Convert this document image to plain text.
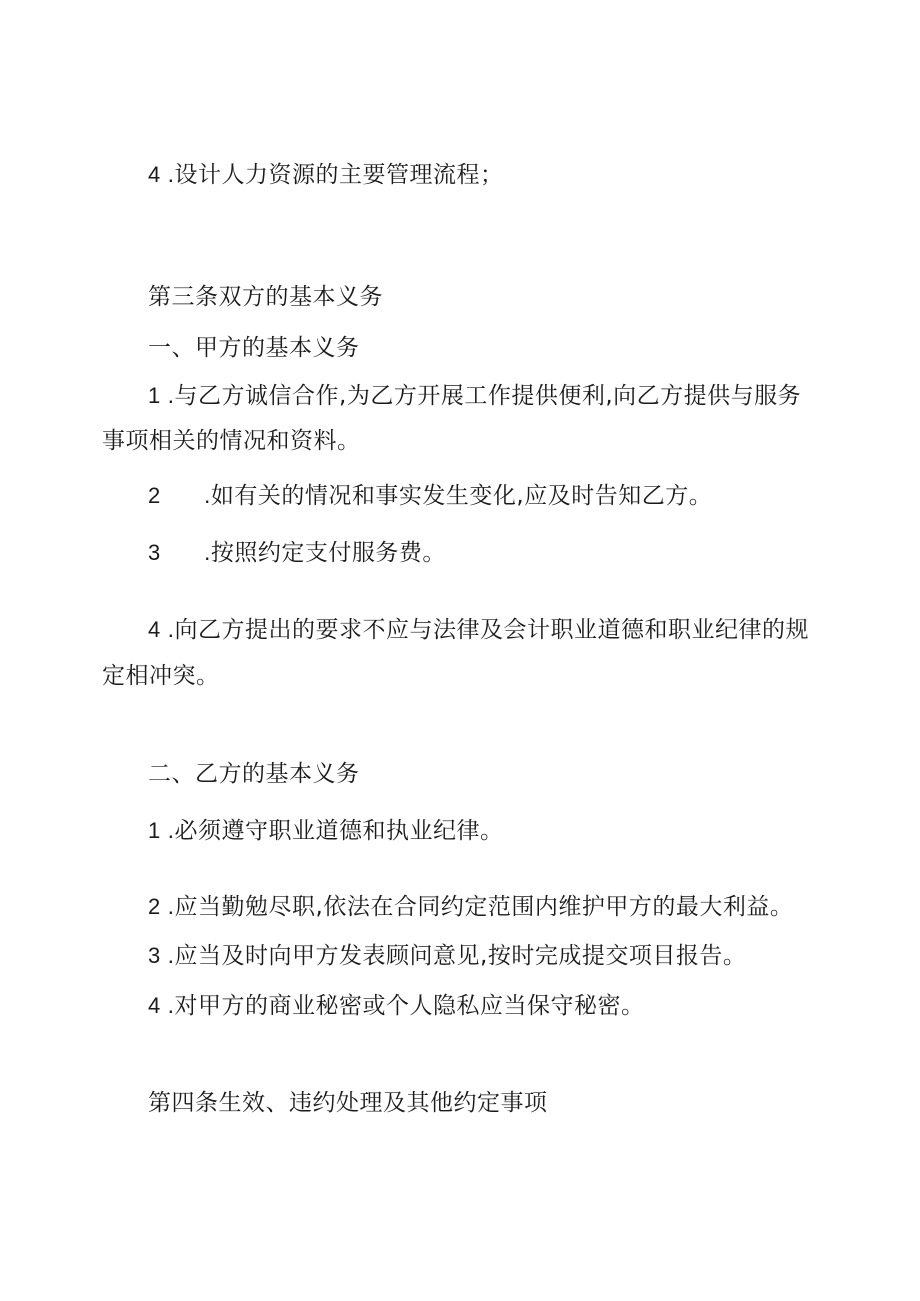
4 .设计人力资源的主要管理流程；
第三条双方的基本义务
一、甲方的基本义务
1 .与乙方诚信合作,为乙方开展工作提供便利,向乙方提供与服务
事项相关的情况和资料。
2 .如有关的情况和事实发生变化,应及时告知乙方。
3 .按照约定支付服务费。
4 .向乙方提出的要求不应与法律及会计职业道德和职业纪律的规
定相冲突。
二、乙方的基本义务
1 .必须遵守职业道德和执业纪律。
2 .应当勤勉尽职,依法在合同约定范围内维护甲方的最大利益。
3 .应当及时向甲方发表顾问意见,按时完成提交项目报告。
4 .对甲方的商业秘密或个人隐私应当保守秘密。
第四条生效、违约处理及其他约定事项
